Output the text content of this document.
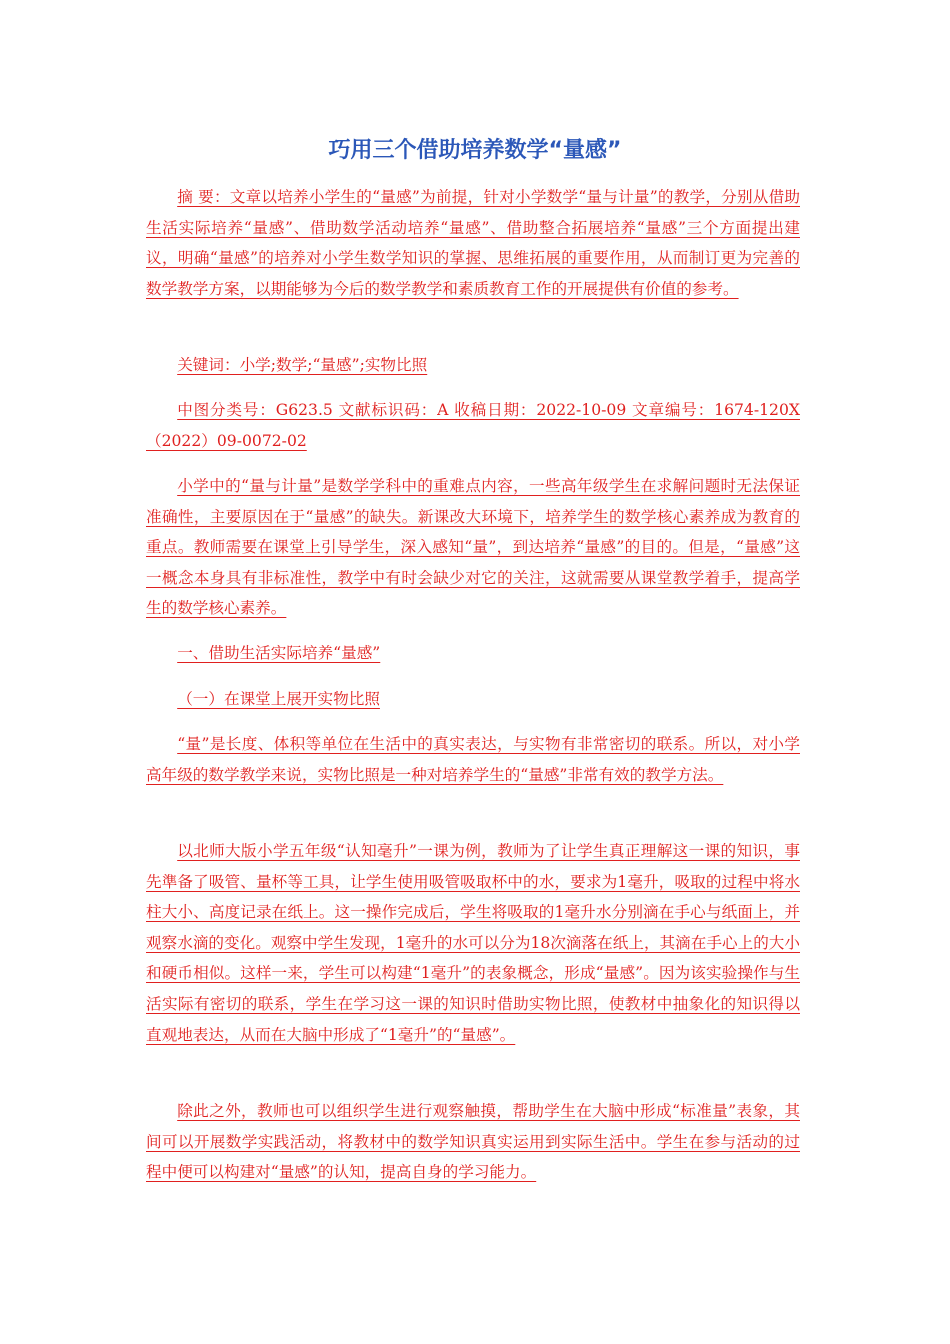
巧用三个借助培养数学“量感”

摘 要：文章以培养小学生的“量感”为前提，针对小学数学“量与计量”的教学，分别从借助生活实际培养“量感”、借助数学活动培养“量感”、借助整合拓展培养“量感”三个方面提出建议，明确“量感”的培养对小学生数学知识的掌握、思维拓展的重要作用，从而制订更为完善的数学教学方案，以期能够为今后的数学教学和素质教育工作的开展提供有价值的参考。

关键词：小学;数学;“量感”;实物比照

中图分类号：G623.5 文献标识码：A 收稿日期：2022-10-09 文章编号：1674-120X（2022）09-0072-02

小学中的“量与计量”是数学学科中的重难点内容，一些高年级学生在求解问题时无法保证准确性，主要原因在于“量感”的缺失。新课改大环境下，培养学生的数学核心素养成为教育的重点。教师需要在课堂上引导学生，深入感知“量”，到达培养“量感”的目的。但是，“量感”这一概念本身具有非标准性，教学中有时会缺少对它的关注，这就需要从课堂教学着手，提高学生的数学核心素养。

一、借助生活实际培养“量感”

（一）在课堂上展开实物比照

“量”是长度、体积等单位在生活中的真实表达，与实物有非常密切的联系。所以，对小学高年级的数学教学来说，实物比照是一种对培养学生的“量感”非常有效的教学方法。

以北师大版小学五年级“认知毫升”一课为例，教师为了让学生真正理解这一课的知识，事先準备了吸管、量杯等工具，让学生使用吸管吸取杯中的水，要求为1毫升，吸取的过程中将水柱大小、高度记录在纸上。这一操作完成后，学生将吸取的1毫升水分别滴在手心与纸面上，并观察水滴的变化。观察中学生发现，1毫升的水可以分为18次滴落在纸上，其滴在手心上的大小和硬币相似。这样一来，学生可以构建“1毫升”的表象概念，形成“量感”。因为该实验操作与生活实际有密切的联系，学生在学习这一课的知识时借助实物比照，使教材中抽象化的知识得以直观地表达，从而在大脑中形成了“1毫升”的“量感”。

除此之外，教师也可以组织学生进行观察触摸，帮助学生在大脑中形成“标准量”表象，其间可以开展数学实践活动，将教材中的数学知识真实运用到实际生活中。学生在参与活动的过程中便可以构建对“量感”的认知，提高自身的学习能力。
